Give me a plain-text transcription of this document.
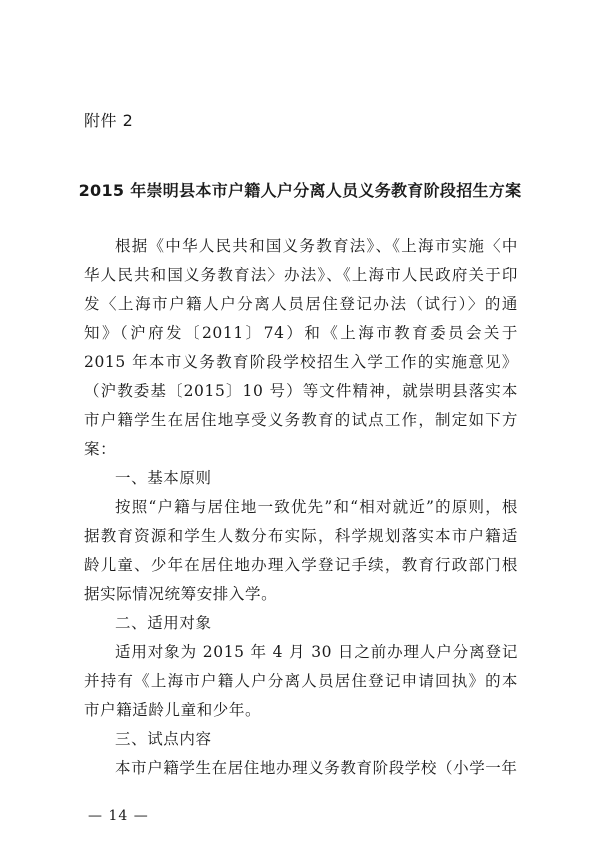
附件 2
2015 年崇明县本市户籍人户分离人员义务教育阶段招生方案

根据《中华人民共和国义务教育法》、《上海市实施〈中华人民共和国义务教育法〉办法》、《上海市人民政府关于印发〈上海市户籍人户分离人员居住登记办法（试行）〉的通知》（沪府发〔2011〕74）和《上海市教育委员会关于 2015 年本市义务教育阶段学校招生入学工作的实施意见》（沪教委基〔2015〕10 号）等文件精神，就崇明县落实本市户籍学生在居住地享受义务教育的试点工作，制定如下方案：

一、基本原则

按照“户籍与居住地一致优先”和“相对就近”的原则，根据教育资源和学生人数分布实际，科学规划落实本市户籍适龄儿童、少年在居住地办理入学登记手续，教育行政部门根据实际情况统筹安排入学。

二、适用对象

适用对象为 2015 年 4 月 30 日之前办理人户分离登记并持有《上海市户籍人户分离人员居住登记申请回执》的本市户籍适龄儿童和少年。

三、试点内容

本市户籍学生在居住地办理义务教育阶段学校（小学一年

— 14 —
